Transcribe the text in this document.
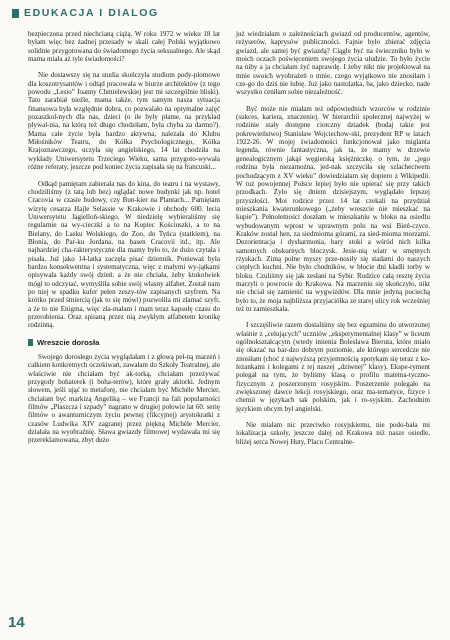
EDUKACJA I DIALOG

bezpieczona przed niechcianą ciążą. W roku 1972 w wieku 18 lat byłam więc bez żadnej przesady w skali całej Polski wyjątkowo solidnie przygotowana do świadomego życia seksualnego. Ale skąd mama miała aż tyle świadomości?

Nie dostawszy się na studia skończyła studium pody-plomowe dla koszotrysantów i odtąd pracowała w biurze architektów (z tego powodu „Lesio” Ioanny Chmielewskiej jest mi szczególnie bliski). Tato zarabiał nieźle, mama także, tym samym nasza sytuacja finansowa była względnie dobra, co pozwalało na optymalne zajęć pozaszkol-nych dla nas, dzieci (o ile były płatne, na przykład pływal-nia, na którą też długo chodziłam, była chyba za darmo?). Mama całe życie była bardzo aktywna, należała do Klubu Miłośników Teatru, do Kółka Psychologicznego, Kółka Krajoznawczego, uczyła się angielskiego, 14 lat chodziła na wykłady Uniwersytetu Trzeciego Wieku, sama przygoto-wywała różne referaty, jeszcze pod koniec życia zapisała się na francuski...

Odkąd pamiętam zabierała nas do kina, do teatru i na wystawy, chodziliśmy (z tatą lub bez) oglądać nowe budynki jak np. hotel Cracovia w czasie budowy, czy Bun-kier na Plantach... Pamiętam wizytę cesarza Hajle Selassie w Krakowie i obchody 600. lecia Uniwersytetu Jagielloń-skiego. W niedzielę wybieraliśmy się regularnie na wy-cieczki a to na Kopiec Kościuszki, a to na Bielany, do Lasku Wolskiego, do Zoo, do Tyńca (statkiem), na Błonia, do Par-ku Jordana, na basen Cracovii itd., itp. Ale najbardziej cha-rakterystyczne dla mamy było to, że dużo czytała i pisała. Już jako 14-latka zaczęła pisać dziennik. Ponieważ była bardzo konsekwentna i systematyczna, więc z małymi wy-jątkami opisywała każdy swój dzień. a że nie chciała, żeby ktokolwiek mógł to odczytać, wymyśliła sobie swój własny alfabet. Został nam po niej w spadku kufer pełen zeszy-tów zapisanych szyfrem. Na krótko przed śmiercią (jak to się mówi) pozwoliła mi złamać szyfr, a że to nie Enigma, więc zła-małam i mam teraz kapsułę czasu do przerobienia. Oraz spisaną przez nią zwykłym alfabetem kronikę rodzinną.

Wreszcie dorosła

Swojego dorosłego życia wyglądałam i z głową peł-ną marzeń i całkiem konkretnych oczekiwań, zawałam do Szkoły Teatralnej, ale właściwie nie chciałam być ak-torką, chciałam przeżywać przygody bohaterek (i boha-terów), które grały aktorki. Jednym słowem, jeśli ująć to metaforę, nie chciałam być Michèle Mercier, chciałam być markizą Angeliką – we Francji na fali popularności filmów „Płaszcza i szpady” nagrano w drugiej połowie lat 60. serię filmów o awanturniczym życiu pewnej (fikcyjnej) arystokratki z czasów Ludwika XIV zagranej przez piękną Michèle Mercier, działała na wyobraźnię. Sława gwiazdy filmowej wydawała mi się przereklamowana, zbyt dużo

już wiedziałam o zależnościach gwiazd od producentów, agentów, reżyserów, kaprysów publiczności. Fajnie było zbierać zdjęcia gwiazd, ale samej być gwiazdą? Ciągle być na świeczniku było w moich oczach poświęceniem swojego życia ułudzie. To było życie na niby a ja chciałam żyć naprawdę. I żeby nikt nie projektował na mnie swoich wyobrażeń o mnie, czego wyjątkowo nie znosiłam i cze-go do dziś nie lubię. Już jako nastolatka, ba, jako dziecko, nade wszystko ceniłam sobie niezależność.

Być może nie miałam też odpowiednich wzorców w rodzinie (sukces, kariera, znaczenie). W hierarchii społecznej najwyżej w rodzinie stały dostępne ciotczny dziadek (bodaj takie jest pokrewieństwo) Stanisław Wojciechow-ski, prezydent RP w latach 1922-26. W mojej świadomości funkcjonował jako miglanta legenda, równie fantastyczna, jak ta, że mamy w drzewie genealogicznym jakąś węgierską księżniczkę. o tym, że „jego rodzina była niezamożna, jed-nak szczyciła się szlachectwem pochodzącym z XV wieku” dowiedziałam się dopiero z Wikipedii. W tuż powojennej Polsce lepiej było nie upierać się przy takich przodkach. Żyło się dniem dzisiejszym, wyglądało lepszej przyszłości. Moi rodzice przez 14 lat czekali na przydział mieszkania kwaterunkowego („żeby wreszcie nie mieszkać na kupie”). Pełnoletności doszłam w mieszkaniu w bloku na osiedlu wybudowanym wprost w uprawnym polu na wsi Bień-czyce. Kraków został hen, za siedmioma górami, za sied-mioma morzami. Dezorientacja i dysharmonia, bary stoki a wśród nich kilka samotnych obskurnych bloczysk. Jesie-nią wiatr w smętnych rżyskach. Zimą polne myszy prze-nosiły się stadami do naszych ciepłych kuchni. Nie było chodników, w błocie dni kładli torby w bloku. Czuliśmy się jak zesłani na Sybir. Rodzice całą resztę życia marzyli o powrocie do Krakowa. Na marzeniu się skończyło, nikt nie chciał się zamienić na wygwizdów. Dla mnie jedyną pociechą było to, że moja najbliższa przyjaciółka ze starej ulicy rok wcześniej też tu zamieszkała.

I szczęśliwie razem dostaliśmy się bez egzaminu do utworzonej właśnie z „celujących” uczniów „eksperymentalnej klasy” w liceum ogólnokształcącym (wtedy imienia Bolesława Bieruta, które miało się okazać na bar-dzo dobrym poziomie, ale którego sercedcze nie znosiłam (choć z najwyższą przyjemnością spotykam się teraz z ko-leżankami i kolegami z tej naszej „dziwnej” klasy). Ekspe-ryment polegał na tym, że byliśmy klasą o profilu matema-tyczno-fizycznym z poszerzonym rosyjskim. Poszerzenie polegało na zwiększonej dawce lekcji rosyjskiego, oraz ma-tematyce, fizyce i chemii w językach tak polskim, jak i ro-syjskim. Zachodnim językiem obcym był angielski.

Nie miałam nic przeciwko rosyjskiemu, nie podo-bała mi lokalizacja szkoły, jeszcze dalej od Krakowa niż nasze osiedle, bliżej serca Nowej Huty, Placu Centralne-

14
